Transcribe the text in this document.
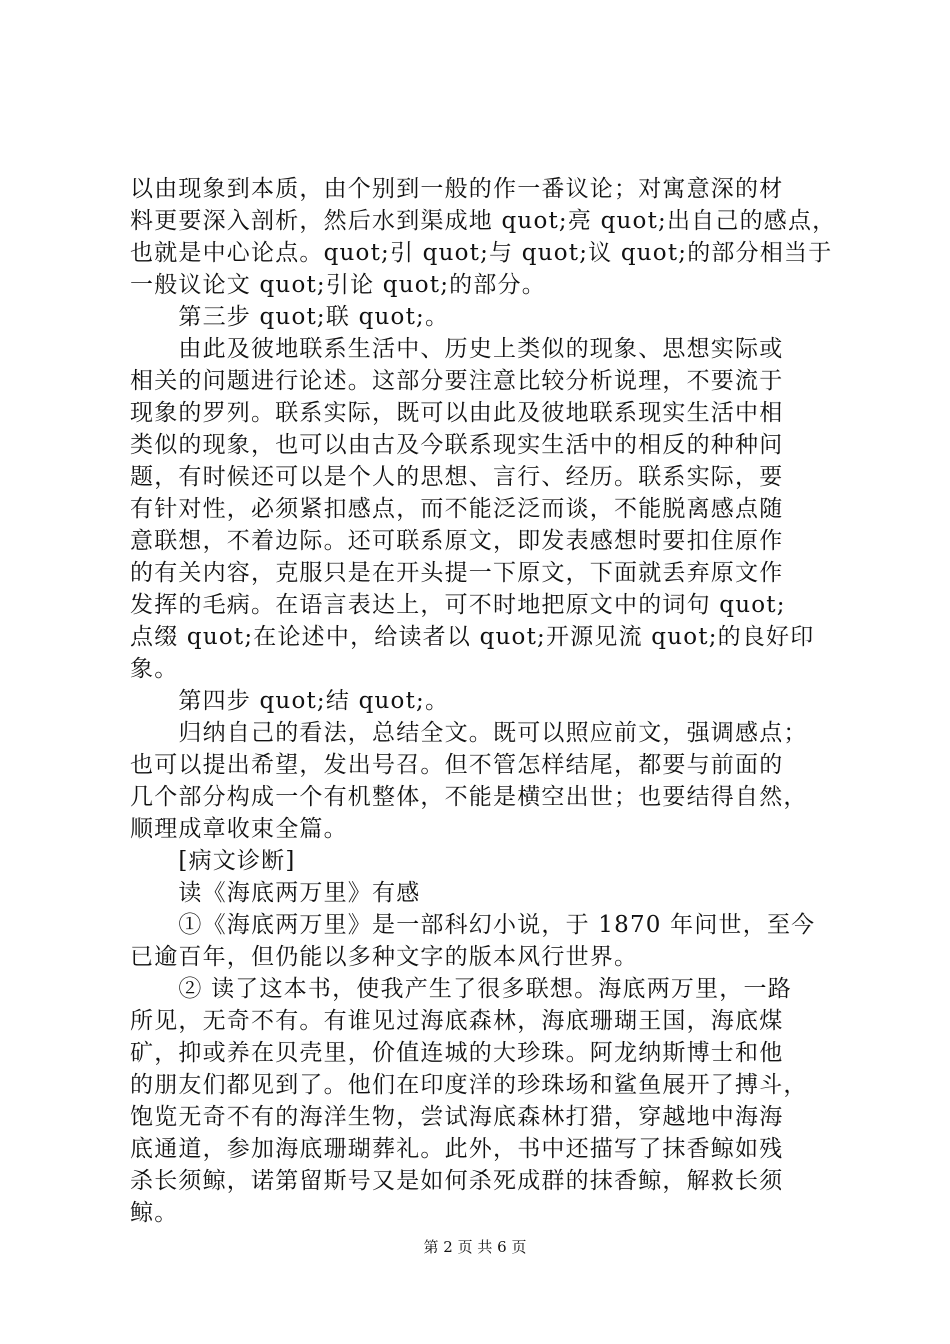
以由现象到本质，由个别到一般的作一番议论；对寓意深的材
料更要深入剖析，然后水到渠成地 quot;亮 quot;出自己的感点，
也就是中心论点。quot;引 quot;与 quot;议 quot;的部分相当于
一般议论文 quot;引论 quot;的部分。
　　第三步 quot;联 quot;。
　　由此及彼地联系生活中、历史上类似的现象、思想实际或
相关的问题进行论述。这部分要注意比较分析说理，不要流于
现象的罗列。联系实际，既可以由此及彼地联系现实生活中相
类似的现象，也可以由古及今联系现实生活中的相反的种种问
题，有时候还可以是个人的思想、言行、经历。联系实际，要
有针对性，必须紧扣感点，而不能泛泛而谈，不能脱离感点随
意联想，不着边际。还可联系原文，即发表感想时要扣住原作
的有关内容，克服只是在开头提一下原文，下面就丢弃原文作
发挥的毛病。在语言表达上，可不时地把原文中的词句 quot;
点缀 quot;在论述中，给读者以 quot;开源见流 quot;的良好印
象。
　　第四步 quot;结 quot;。
　　归纳自己的看法，总结全文。既可以照应前文，强调感点；
也可以提出希望，发出号召。但不管怎样结尾，都要与前面的
几个部分构成一个有机整体，不能是横空出世；也要结得自然，
顺理成章收束全篇。
　　[病文诊断]
　　读《海底两万里》有感
　　①《海底两万里》是一部科幻小说，于 1870 年问世，至今
已逾百年，但仍能以多种文字的版本风行世界。
　　② 读了这本书，使我产生了很多联想。海底两万里，一路
所见，无奇不有。有谁见过海底森林，海底珊瑚王国，海底煤
矿，抑或养在贝壳里，价值连城的大珍珠。阿龙纳斯博士和他
的朋友们都见到了。他们在印度洋的珍珠场和鲨鱼展开了搏斗，
饱览无奇不有的海洋生物，尝试海底森林打猎，穿越地中海海
底通道，参加海底珊瑚葬礼。此外，书中还描写了抹香鲸如残
杀长须鲸，诺第留斯号又是如何杀死成群的抹香鲸，解救长须
鲸。
第 2 页 共 6 页
